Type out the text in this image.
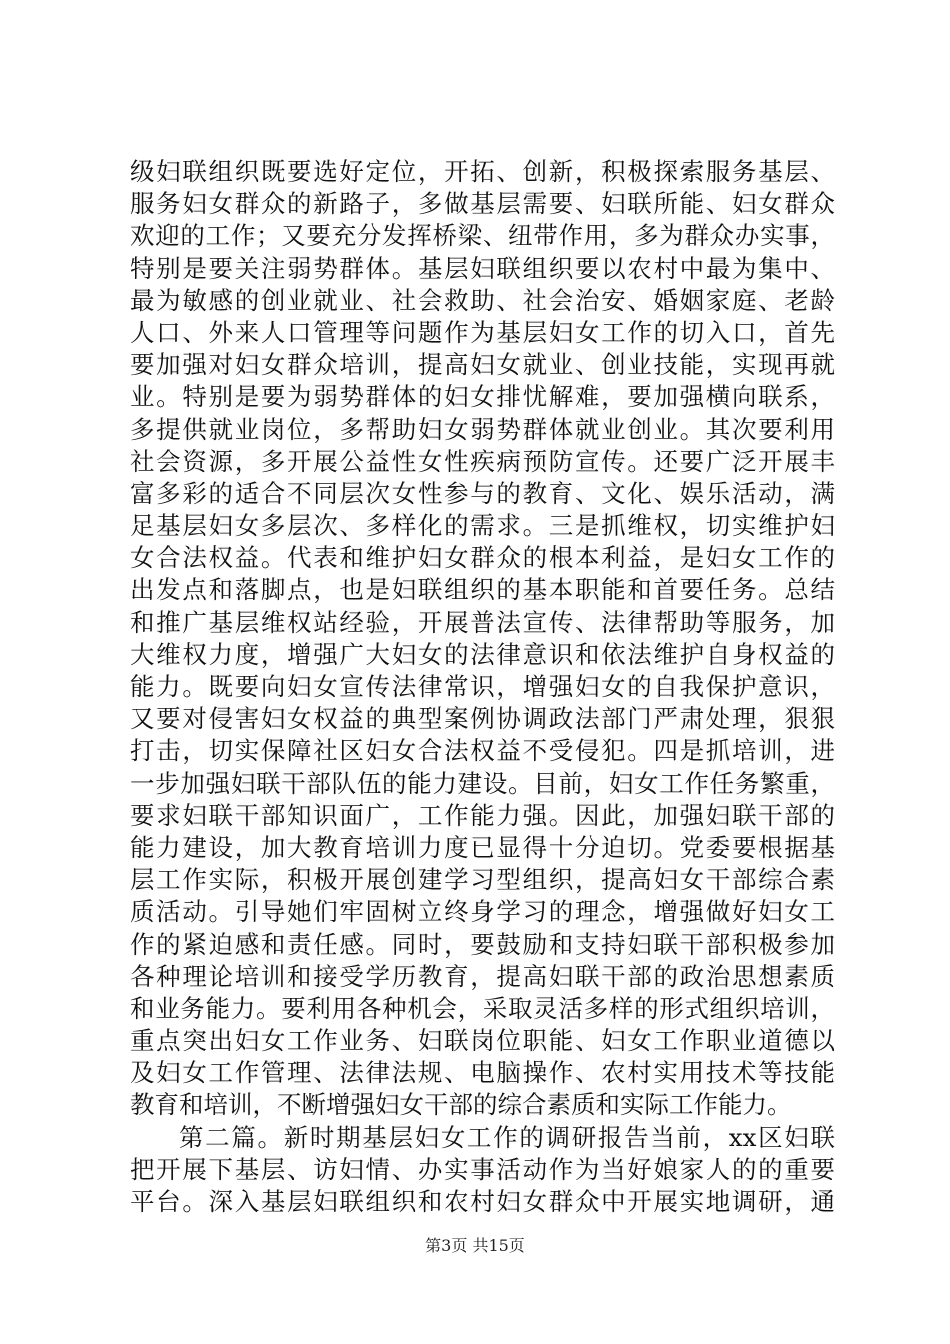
级妇联组织既要选好定位，开拓、创新，积极探索服务基层、
服务妇女群众的新路子，多做基层需要、妇联所能、妇女群众
欢迎的工作；又要充分发挥桥梁、纽带作用，多为群众办实事，
特别是要关注弱势群体。基层妇联组织要以农村中最为集中、
最为敏感的创业就业、社会救助、社会治安、婚姻家庭、老龄
人口、外来人口管理等问题作为基层妇女工作的切入口，首先
要加强对妇女群众培训，提高妇女就业、创业技能，实现再就
业。特别是要为弱势群体的妇女排忧解难，要加强横向联系，
多提供就业岗位，多帮助妇女弱势群体就业创业。其次要利用
社会资源，多开展公益性女性疾病预防宣传。还要广泛开展丰
富多彩的适合不同层次女性参与的教育、文化、娱乐活动，满
足基层妇女多层次、多样化的需求。三是抓维权，切实维护妇
女合法权益。代表和维护妇女群众的根本利益，是妇女工作的
出发点和落脚点，也是妇联组织的基本职能和首要任务。总结
和推广基层维权站经验，开展普法宣传、法律帮助等服务，加
大维权力度，增强广大妇女的法律意识和依法维护自身权益的
能力。既要向妇女宣传法律常识，增强妇女的自我保护意识，
又要对侵害妇女权益的典型案例协调政法部门严肃处理，狠狠
打击，切实保障社区妇女合法权益不受侵犯。四是抓培训，进
一步加强妇联干部队伍的能力建设。目前，妇女工作任务繁重，
要求妇联干部知识面广，工作能力强。因此，加强妇联干部的
能力建设，加大教育培训力度已显得十分迫切。党委要根据基
层工作实际，积极开展创建学习型组织，提高妇女干部综合素
质活动。引导她们牢固树立终身学习的理念，增强做好妇女工
作的紧迫感和责任感。同时，要鼓励和支持妇联干部积极参加
各种理论培训和接受学历教育，提高妇联干部的政治思想素质
和业务能力。要利用各种机会，采取灵活多样的形式组织培训，
重点突出妇女工作业务、妇联岗位职能、妇女工作职业道德以
及妇女工作管理、法律法规、电脑操作、农村实用技术等技能
教育和培训，不断增强妇女干部的综合素质和实际工作能力。
第二篇。新时期基层妇女工作的调研报告当前，xx区妇联
把开展下基层、访妇情、办实事活动作为当好娘家人的的重要
平台。深入基层妇联组织和农村妇女群众中开展实地调研，通
第3页 共15页
